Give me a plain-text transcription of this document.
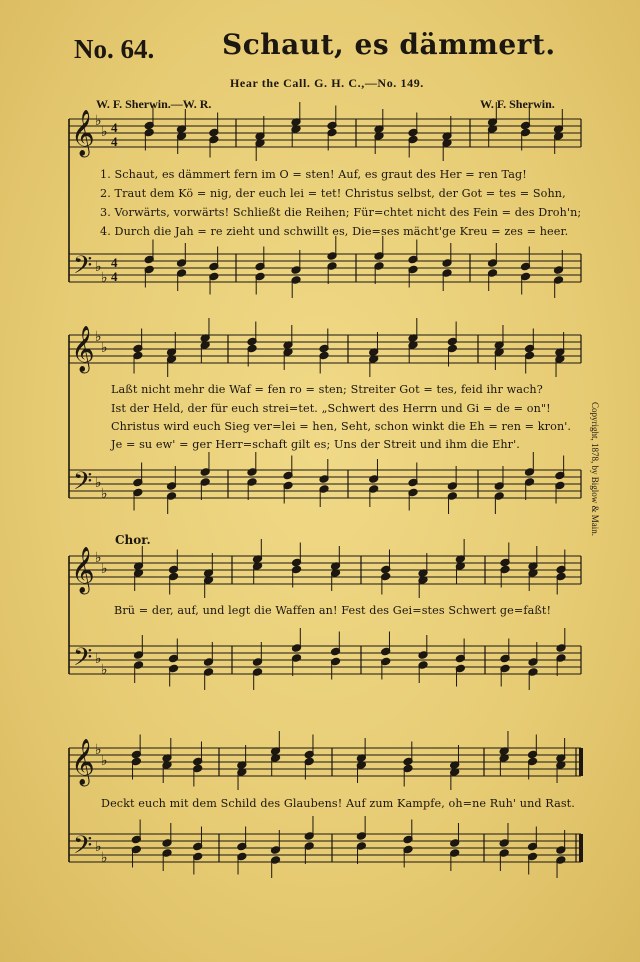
No. 64. Schaut, es dämmert.
Hear the Call. G. H. C.,—No. 149.
W. F. Sherwin.—W. R.	W. F. Sherwin.
𝄞
𝄢
♭
♭
♭
♭
4
4
4
4
𝄞
𝄢
♭
♭
♭
♭
𝄞
𝄢
♭
♭
♭
♭
𝄞
𝄢
♭
♭
♭
♭
1. Schaut, es dämmert fern im O = sten! Auf, es graut des Her = ren Tag!
2. Traut dem Kö = nig, der euch lei = tet! Christus selbst, der Got = tes = Sohn,
3. Vorwärts, vorwärts! Schließt die Reihen; Für=chtet nicht des Fein = des Droh'n;
4. Durch die Jah = re zieht und schwillt es, Die=ses mächt'ge Kreu = zes = heer.
Laßt nicht mehr die Waf = fen ro = sten; Streiter Got = tes, feid ihr wach?
Ist der Held, der für euch strei=tet. „Schwert des Herrn und Gi = de = on"!
Christus wird euch Sieg ver=lei = hen, Seht, schon winkt die Eh = ren = kron'.
Je = su ew' = ger Herr=schaft gilt es; Uns der Streit und ihm die Ehr'.
Chor.
Brü = der, auf, und legt die Waffen an! Fest des Gei=stes Schwert ge=faßt!
Deckt euch mit dem Schild des Glaubens! Auf zum Kampfe, oh=ne Ruh' und Rast.
Copyright, 1878, by Biglow & Main.
